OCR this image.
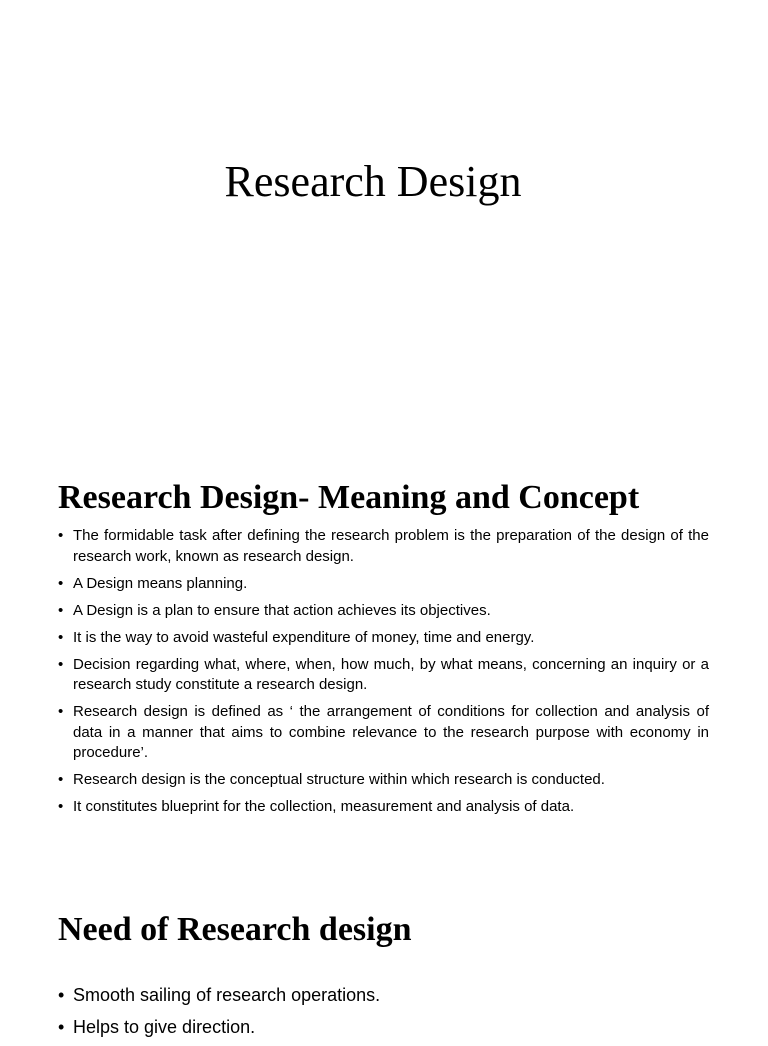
Research Design
Research Design- Meaning and Concept
• The formidable task after defining the research problem is the preparation of the design of the research work, known as research design.
• A Design means planning.
• A Design is a plan to ensure that action achieves its objectives.
• It is the way to avoid wasteful expenditure of money, time and energy.
• Decision regarding what, where, when, how much, by what means, concerning an inquiry or a research study constitute a research design.
• Research design is defined as ‘ the arrangement of conditions for collection and analysis of data in a manner that aims to combine relevance to the research purpose with economy in procedure’.
• Research design is the conceptual structure within which research is conducted.
• It constitutes blueprint for the collection, measurement and analysis of data.
Need of Research design
• Smooth sailing of research operations.
• Helps to give direction.
